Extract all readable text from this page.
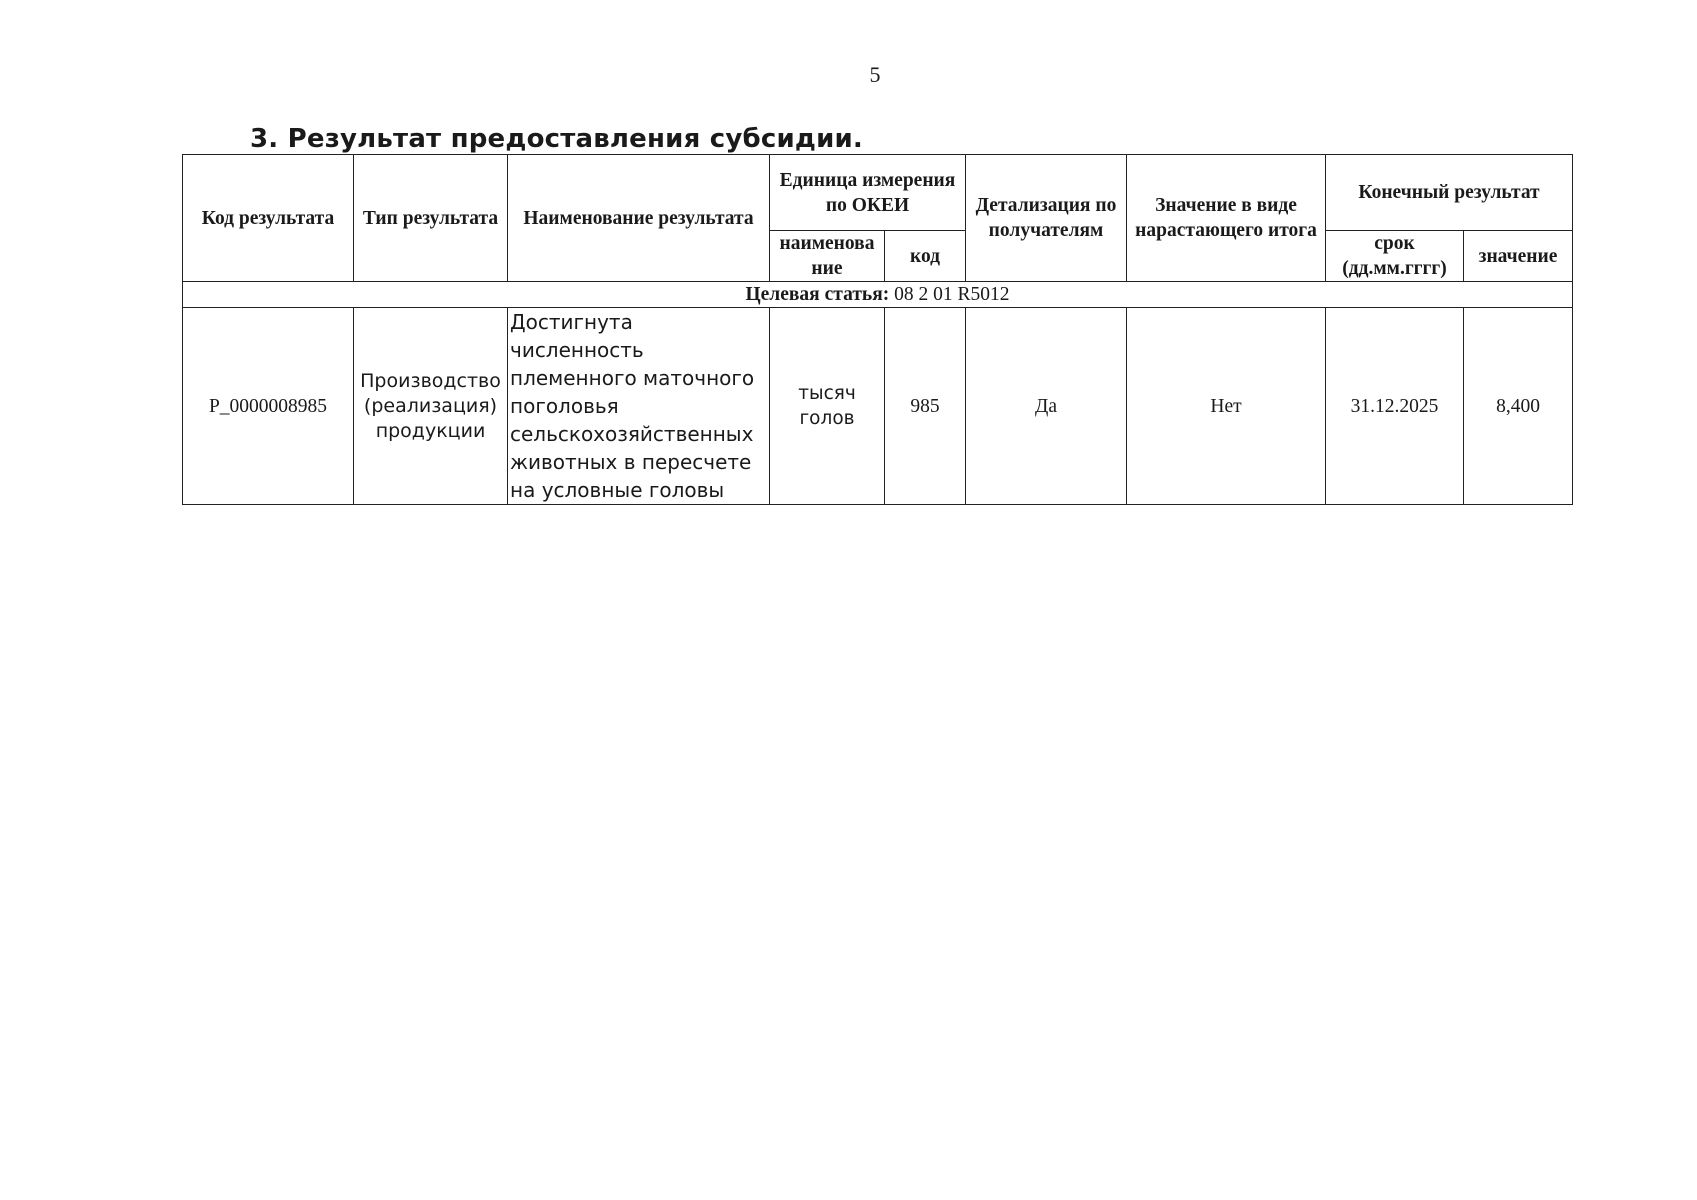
5
3. Результат предоставления субсидии.
Код результата	Тип результата	Наименование результата	Единица измерения по ОКЕИ		Детализация по получателям	Значение в виде нарастающего итога	Конечный результат	
			наименова ние	код			срок (дд.мм.гггг)	значение
Целевая статья: 08 2 01 R5012								
P_0000008985	Производство (реализация) продукции	Достигнута численность племенного маточного поголовья сельскохозяйственных животных в пересчете на условные головы	тысяч голов	985	Да	Нет	31.12.2025	8,400
